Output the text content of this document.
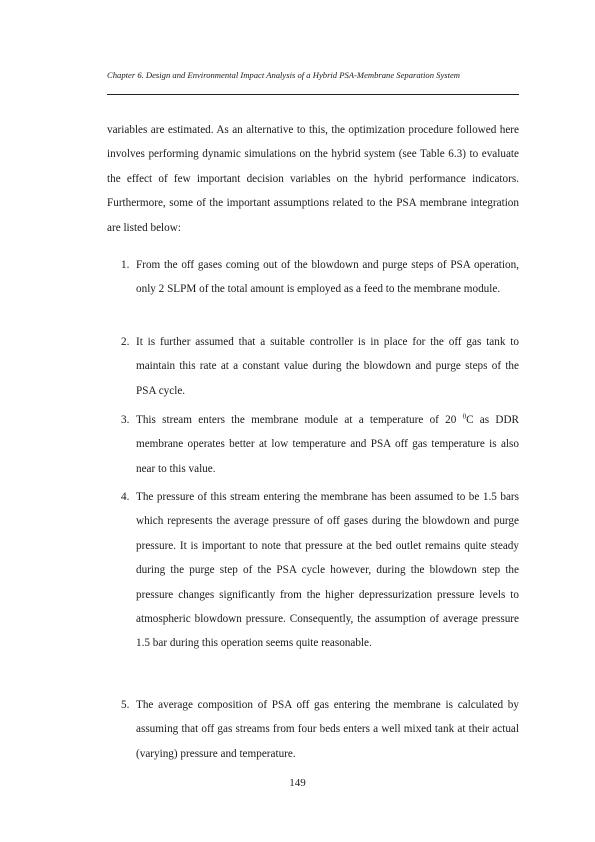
Chapter 6. Design and Environmental Impact Analysis of a Hybrid PSA-Membrane Separation System

variables are estimated. As an alternative to this, the optimization procedure followed here involves performing dynamic simulations on the hybrid system (see Table 6.3) to evaluate the effect of few important decision variables on the hybrid performance indicators. Furthermore, some of the important assumptions related to the PSA membrane integration are listed below:

1. From the off gases coming out of the blowdown and purge steps of PSA operation, only 2 SLPM of the total amount is employed as a feed to the membrane module.

2. It is further assumed that a suitable controller is in place for the off gas tank to maintain this rate at a constant value during the blowdown and purge steps of the PSA cycle.

3. This stream enters the membrane module at a temperature of 20 $^0$C as DDR membrane operates better at low temperature and PSA off gas temperature is also near to this value.

4. The pressure of this stream entering the membrane has been assumed to be 1.5 bars which represents the average pressure of off gases during the blowdown and purge pressure. It is important to note that pressure at the bed outlet remains quite steady during the purge step of the PSA cycle however, during the blowdown step the pressure changes significantly from the higher depressurization pressure levels to atmospheric blowdown pressure. Consequently, the assumption of average pressure 1.5 bar during this operation seems quite reasonable.

5. The average composition of PSA off gas entering the membrane is calculated by assuming that off gas streams from four beds enters a well mixed tank at their actual (varying) pressure and temperature.

149
